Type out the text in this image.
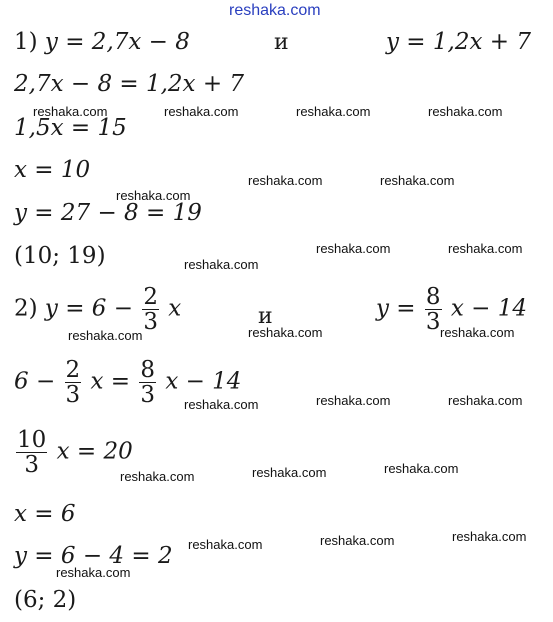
reshaka.com
1) y = 2,7x − 8	и	y = 1,2x + 7
2,7x − 8 = 1,2x + 7
1,5x = 15
x = 10
y = 27 − 8 = 19
(10; 19)
2) $y = 6 - \frac{2}{3}$ x	и	$y = \frac{8}{3}$ x − 14
$6 - \frac{2}{3}$ $x = \frac{8}{3}$ x − 14
$\frac{10}{3}$ x = 20
x = 6
y = 6 − 4 = 2
(6; 2)
reshaka.com	reshaka.com	reshaka.com	reshaka.com
reshaka.com
reshaka.com	reshaka.com
reshaka.com	reshaka.com
reshaka.com
reshaka.com	reshaka.com	reshaka.com
reshaka.com	reshaka.com	reshaka.com
reshaka.com	reshaka.com	reshaka.com
reshaka.com	reshaka.com	reshaka.com
reshaka.com
